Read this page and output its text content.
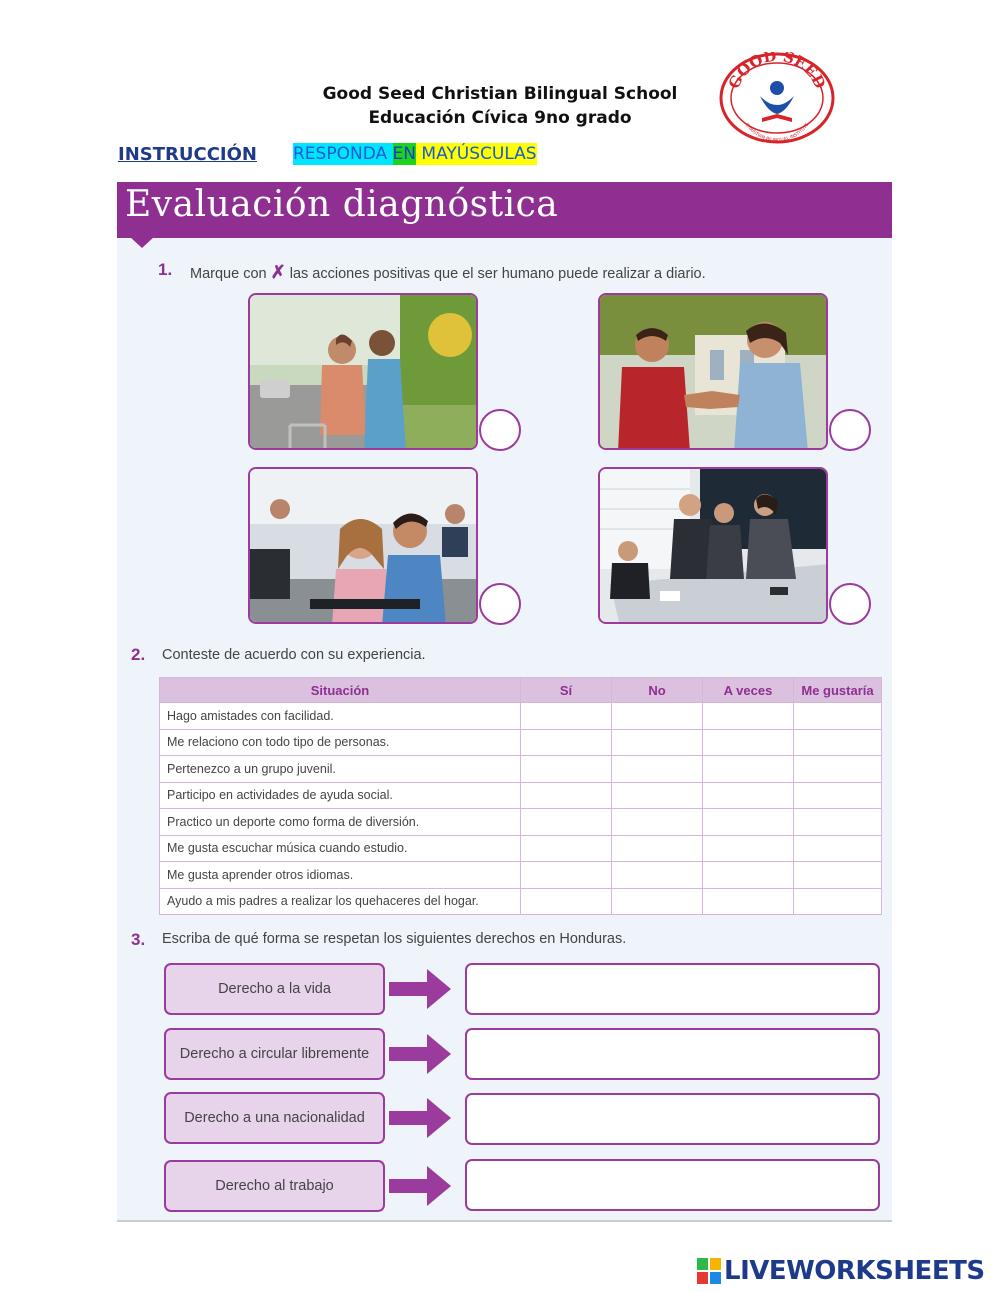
Good Seed Christian Bilingual School
Educación Cívica 9no grado
GOOD SEED
CHRISTIAN BILINGUAL INSTITUTE
INSTRUCCIÓN RESPONDA EN MAYÚSCULAS
Evaluación diagnóstica
1. Marque con ✗ las acciones positivas que el ser humano puede realizar a diario.
2. Conteste de acuerdo con su experiencia.
Situación	Sí	No	A veces	Me gustaría
Hago amistades con facilidad.				
Me relaciono con todo tipo de personas.				
Pertenezco a un grupo juvenil.				
Participo en actividades de ayuda social.				
Practico un deporte como forma de diversión.				
Me gusta escuchar música cuando estudio.				
Me gusta aprender otros idiomas.				
Ayudo a mis padres a realizar los quehaceres del hogar.				
3. Escriba de qué forma se respetan los siguientes derechos en Honduras.
Derecho a la vida
Derecho a circular libremente
Derecho a una nacionalidad
Derecho al trabajo
LIVEWORKSHEETS
